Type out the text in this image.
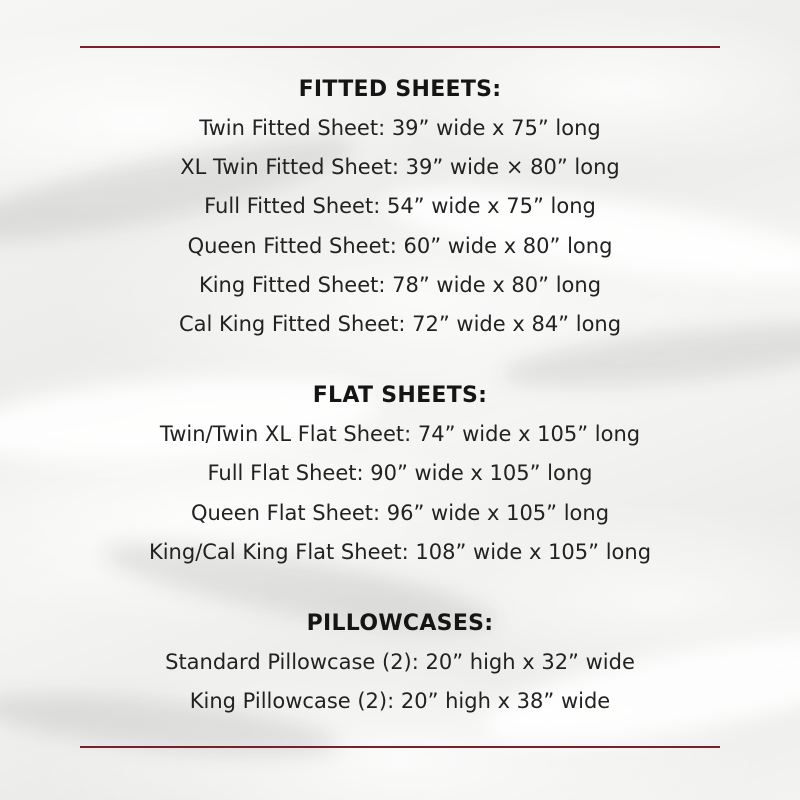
FITTED SHEETS:
Twin Fitted Sheet: 39” wide x 75” long
XL Twin Fitted Sheet: 39” wide × 80” long
Full Fitted Sheet: 54” wide x 75” long
Queen Fitted Sheet: 60” wide x 80” long
King Fitted Sheet: 78” wide x 80” long
Cal King Fitted Sheet: 72” wide x 84” long
FLAT SHEETS:
Twin/Twin XL Flat Sheet: 74” wide x 105” long
Full Flat Sheet: 90” wide x 105” long
Queen Flat Sheet: 96” wide x 105” long
King/Cal King Flat Sheet: 108” wide x 105” long
PILLOWCASES:
Standard Pillowcase (2): 20” high x 32” wide
King Pillowcase (2): 20” high x 38” wide
